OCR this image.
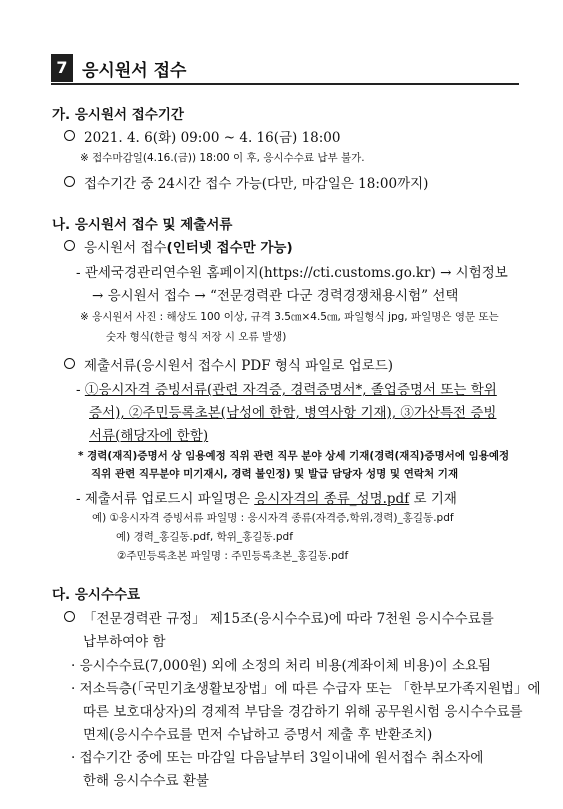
7 응시원서 접수
가. 응시원서 접수기간
2021. 4. 6(화) 09:00 ~ 4. 16(금) 18:00
※ 접수마감일(4.16.(금)) 18:00 이 후, 응시수수료 납부 불가.
접수기간 중 24시간 접수 가능(다만, 마감일은 18:00까지)
나. 응시원서 접수 및 제출서류
응시원서 접수(인터넷 접수만 가능)
- 관세국경관리연수원 홈페이지(https://cti.customs.go.kr) → 시험정보
→ 응시원서 접수 → “전문경력관 다군 경력경쟁채용시험” 선택
※ 응시원서 사진 : 해상도 100 이상, 규격 3.5㎝×4.5㎝, 파일형식 jpg, 파일명은 영문 또는
숫자 형식(한글 형식 저장 시 오류 발생)
제출서류(응시원서 접수시 PDF 형식 파일로 업로드)
- ①응시자격 증빙서류(관련 자격증, 경력증명서*, 졸업증명서 또는 학위
증서), ②주민등록초본(남성에 한함, 병역사항 기재), ③가산특전 증빙
서류(해당자에 한함)
* 경력(재직)증명서 상 임용예정 직위 관련 직무 분야 상세 기재(경력(재직)증명서에 임용예정
직위 관련 직무분야 미기재시, 경력 불인정) 및 발급 담당자 성명 및 연락처 기재
- 제출서류 업로드시 파일명은 응시자격의 종류_성명.pdf 로 기재
예) ①응시자격 증빙서류 파일명 : 응시자격 종류(자격증,학위,경력)_홍길동.pdf
예) 경력_홍길동.pdf, 학위_홍길동.pdf
②주민등록초본 파일명 : 주민등록초본_홍길동.pdf
다. 응시수수료
「전문경력관 규정」 제15조(응시수수료)에 따라 7천원 응시수수료를
납부하여야 함
· 응시수수료(7,000원) 외에 소정의 처리 비용(계좌이체 비용)이 소요됨
· 저소득층(「국민기초생활보장법」에 따른 수급자 또는 「한부모가족지원법」에
따른 보호대상자)의 경제적 부담을 경감하기 위해 공무원시험 응시수수료를
면제(응시수수료를 먼저 수납하고 증명서 제출 후 반환조치)
· 접수기간 중에 또는 마감일 다음날부터 3일이내에 원서접수 취소자에
한해 응시수수료 환불
